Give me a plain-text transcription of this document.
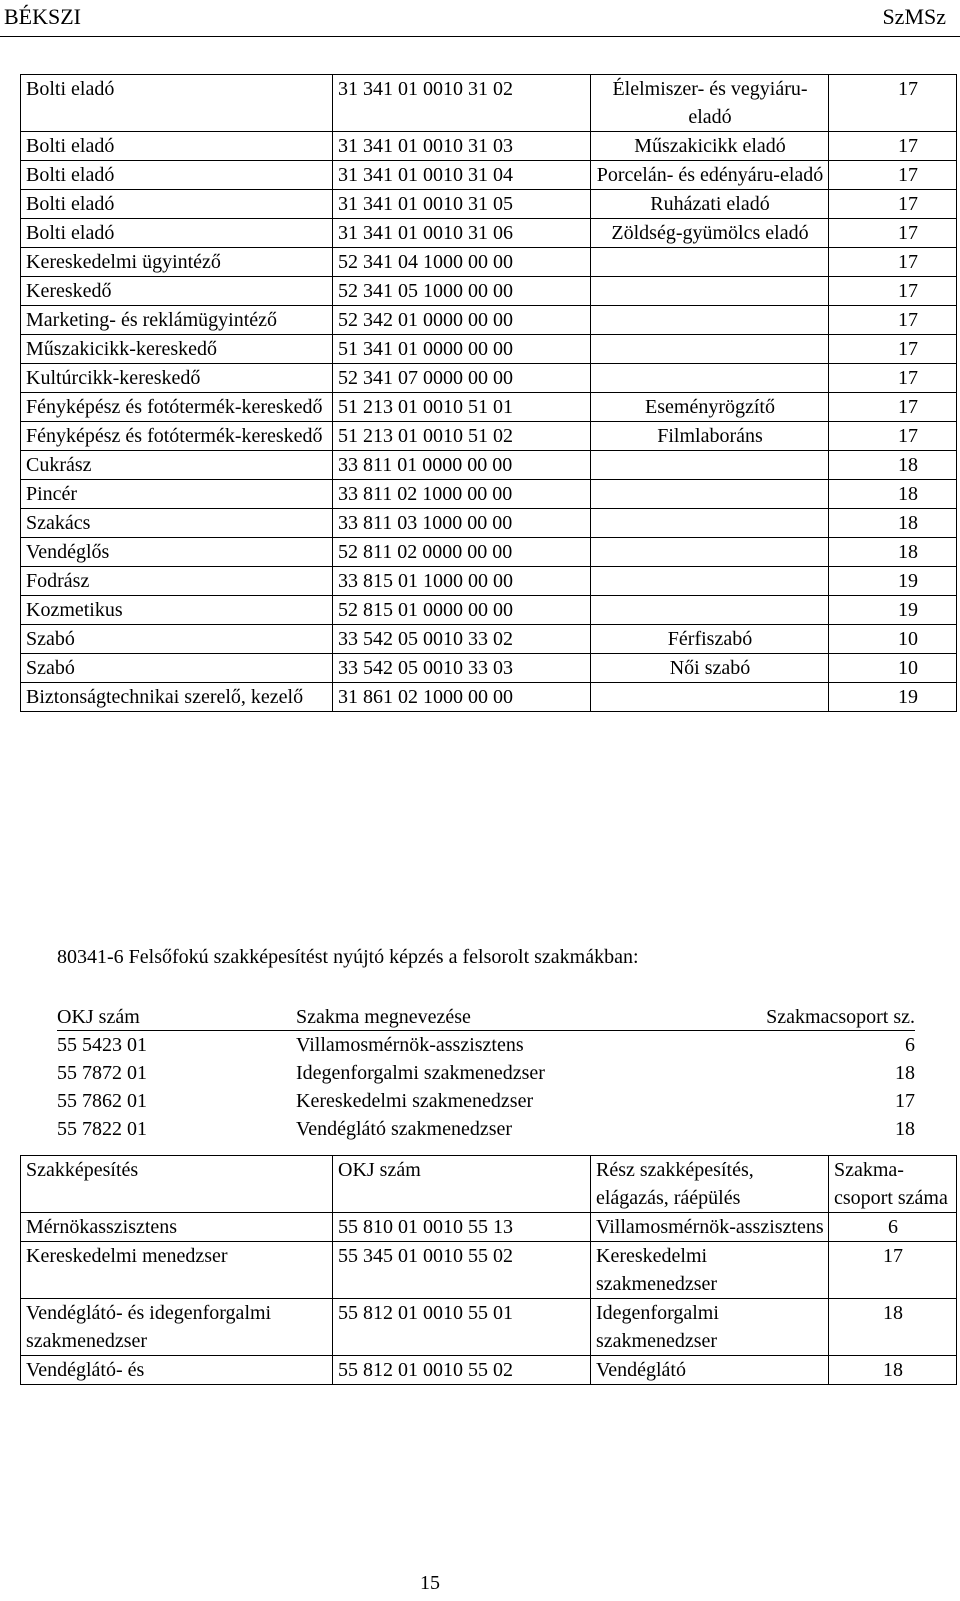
BÉKSZI	SzMSz
Bolti eladó	31 341 01 0010 31 02	Élelmiszer- és vegyiáru-eladó	17
Bolti eladó	31 341 01 0010 31 03	Műszakicikk eladó	17
Bolti eladó	31 341 01 0010 31 04	Porcelán- és edényáru-eladó	17
Bolti eladó	31 341 01 0010 31 05	Ruházati eladó	17
Bolti eladó	31 341 01 0010 31 06	Zöldség-gyümölcs eladó	17
Kereskedelmi ügyintéző	52 341 04 1000 00 00		17
Kereskedő	52 341 05 1000 00 00		17
Marketing- és reklámügyintéző	52 342 01 0000 00 00		17
Műszakicikk-kereskedő	51 341 01 0000 00 00		17
Kultúrcikk-kereskedő	52 341 07 0000 00 00		17
Fényképész és fotótermék-kereskedő	51 213 01 0010 51 01	Eseményrögzítő	17
Fényképész és fotótermék-kereskedő	51 213 01 0010 51 02	Filmlaboráns	17
Cukrász	33 811 01 0000 00 00		18
Pincér	33 811 02 1000 00 00		18
Szakács	33 811 03 1000 00 00		18
Vendéglős	52 811 02 0000 00 00		18
Fodrász	33 815 01 1000 00 00		19
Kozmetikus	52 815 01 0000 00 00		19
Szabó	33 542 05 0010 33 02	Férfiszabó	10
Szabó	33 542 05 0010 33 03	Női szabó	10
Biztonságtechnikai szerelő, kezelő	31 861 02 1000 00 00		19
80341-6 Felsőfokú szakképesítést nyújtó képzés a felsorolt szakmákban:
OKJ szám	Szakma megnevezése	Szakmacsoport sz.
55 5423 01	Villamosmérnök-asszisztens	6
55 7872 01	Idegenforgalmi szakmenedzser	18
55 7862 01	Kereskedelmi szakmenedzser	17
55 7822 01	Vendéglátó szakmenedzser	18
Szakképesítés	OKJ szám	Rész szakképesítés, elágazás, ráépülés	Szakma-csoport száma
Mérnökasszisztens	55 810 01 0010 55 13	Villamosmérnök-asszisztens	6
Kereskedelmi menedzser	55 345 01 0010 55 02	Kereskedelmi szakmenedzser	17
Vendéglátó- és idegenforgalmi szakmenedzser	55 812 01 0010 55 01	Idegenforgalmi szakmenedzser	18
Vendéglátó- és	55 812 01 0010 55 02	Vendéglátó	18
15
